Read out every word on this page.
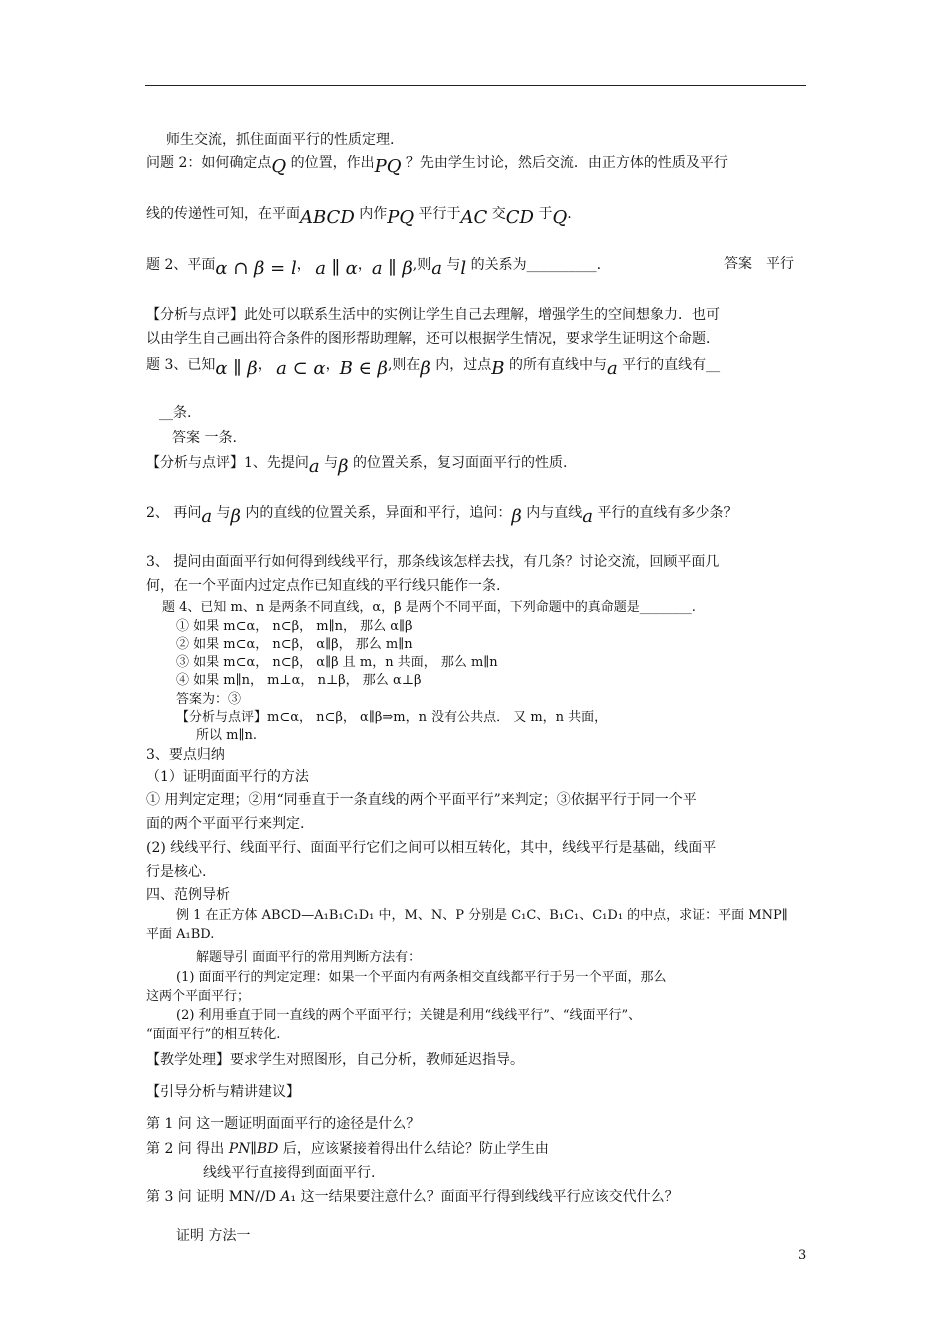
师生交流，抓住面面平行的性质定理.
问题 2：如何确定点Q 的位置，作出PQ ？先由学生讨论，然后交流．由正方体的性质及平行
线的传递性可知，在平面ABCD 内作PQ 平行于AC 交CD 于Q.
题 2、平面α ∩ β = l， a ∥ α，a ∥ β,则a 与l 的关系为__________.	答案　平行
【分析与点评】此处可以联系生活中的实例让学生自己去理解，增强学生的空间想象力．也可
以由学生自己画出符合条件的图形帮助理解，还可以根据学生情况，要求学生证明这个命题．
题 3、已知α ∥ β， a ⊂ α，B ∈ β,则在β 内，过点B 的所有直线中与a 平行的直线有__
__条.
答案 一条.
【分析与点评】1、先提问a 与β 的位置关系，复习面面平行的性质.
2、 再问a 与β 内的直线的位置关系，异面和平行，追问：β 内与直线a 平行的直线有多少条？
3、 提问由面面平行如何得到线线平行，那条线该怎样去找，有几条？讨论交流，回顾平面几
何，在一个平面内过定点作已知直线的平行线只能作一条.
题 4、已知 m、n 是两条不同直线，α，β 是两个不同平面，下列命题中的真命题是________.
① 如果 m⊂α， n⊂β， m∥n， 那么 α∥β
② 如果 m⊂α， n⊂β， α∥β， 那么 m∥n
③ 如果 m⊂α， n⊂β， α∥β 且 m，n 共面， 那么 m∥n
④ 如果 m∥n， m⊥α， n⊥β， 那么 α⊥β
答案为：③
【分析与点评】m⊂α， n⊂β， α∥β⇒m，n 没有公共点． 又 m，n 共面，
所以 m∥n.
3、要点归纳
（1）证明面面平行的方法
① 用判定定理；②用“同垂直于一条直线的两个平面平行”来判定；③依据平行于同一个平
面的两个平面平行来判定.
(2) 线线平行、线面平行、面面平行它们之间可以相互转化，其中，线线平行是基础，线面平
行是核心.
四、范例导析
例 1 在正方体 ABCD—A₁B₁C₁D₁ 中，M、N、P 分别是 C₁C、B₁C₁、C₁D₁ 的中点，求证：平面 MNP∥
平面 A₁BD.
解题导引 面面平行的常用判断方法有：
(1) 面面平行的判定定理：如果一个平面内有两条相交直线都平行于另一个平面，那么
这两个平面平行；
(2) 利用垂直于同一直线的两个平面平行；关键是利用“线线平行”、“线面平行”、
“面面平行”的相互转化.
【教学处理】要求学生对照图形，自己分析，教师延迟指导。
【引导分析与精讲建议】
第 1 问 这一题证明面面平行的途径是什么？
第 2 问 得出 PN∥BD 后，应该紧接着得出什么结论？防止学生由
线线平行直接得到面面平行.
第 3 问 证明 MN//D A₁ 这一结果要注意什么？面面平行得到线线平行应该交代什么？
证明 方法一
3
